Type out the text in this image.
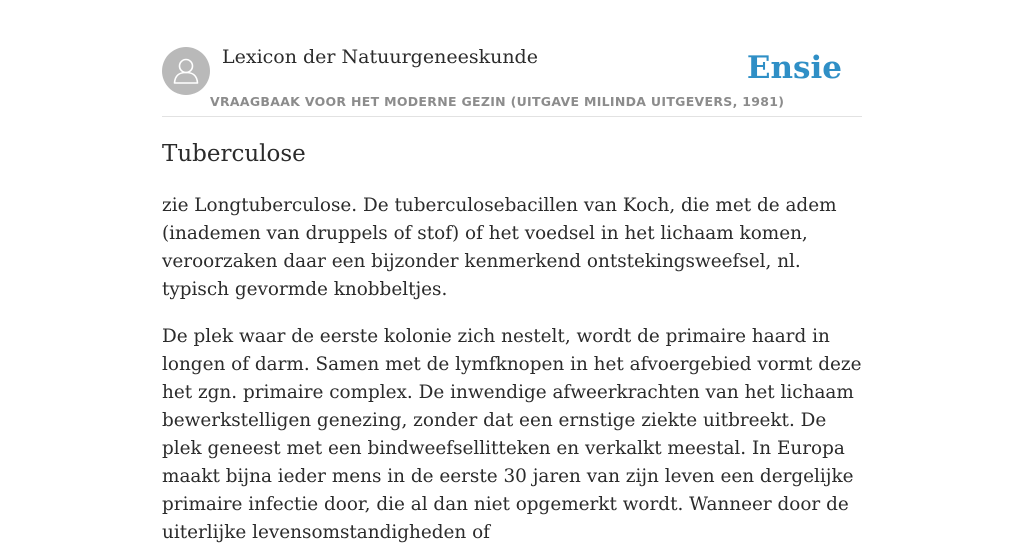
Lexicon der Natuurgeneeskunde
VRAAGBAAK VOOR HET MODERNE GEZIN (UITGAVE MILINDA UITGEVERS, 1981)
Ensie
Tuberculose

zie Longtuberculose. De tuberculosebacillen van Koch, die met de adem (inademen van druppels of stof) of het voedsel in het lichaam komen, veroorzaken daar een bijzonder kenmerkend ontstekingsweefsel, nl. typisch gevormde knobbeltjes.

De plek waar de eerste kolonie zich nestelt, wordt de primaire haard in longen of darm. Samen met de lymfknopen in het afvoergebied vormt deze het zgn. primaire complex. De inwendige afweerkrachten van het lichaam bewerkstelligen genezing, zonder dat een ernstige ziekte uitbreekt. De plek geneest met een bindweefsellitteken en verkalkt meestal. In Europa maakt bijna ieder mens in de eerste 30 jaren van zijn leven een dergelijke primaire infectie door, die al dan niet opgemerkt wordt. Wanneer door de uiterlijke levensomstandigheden of
